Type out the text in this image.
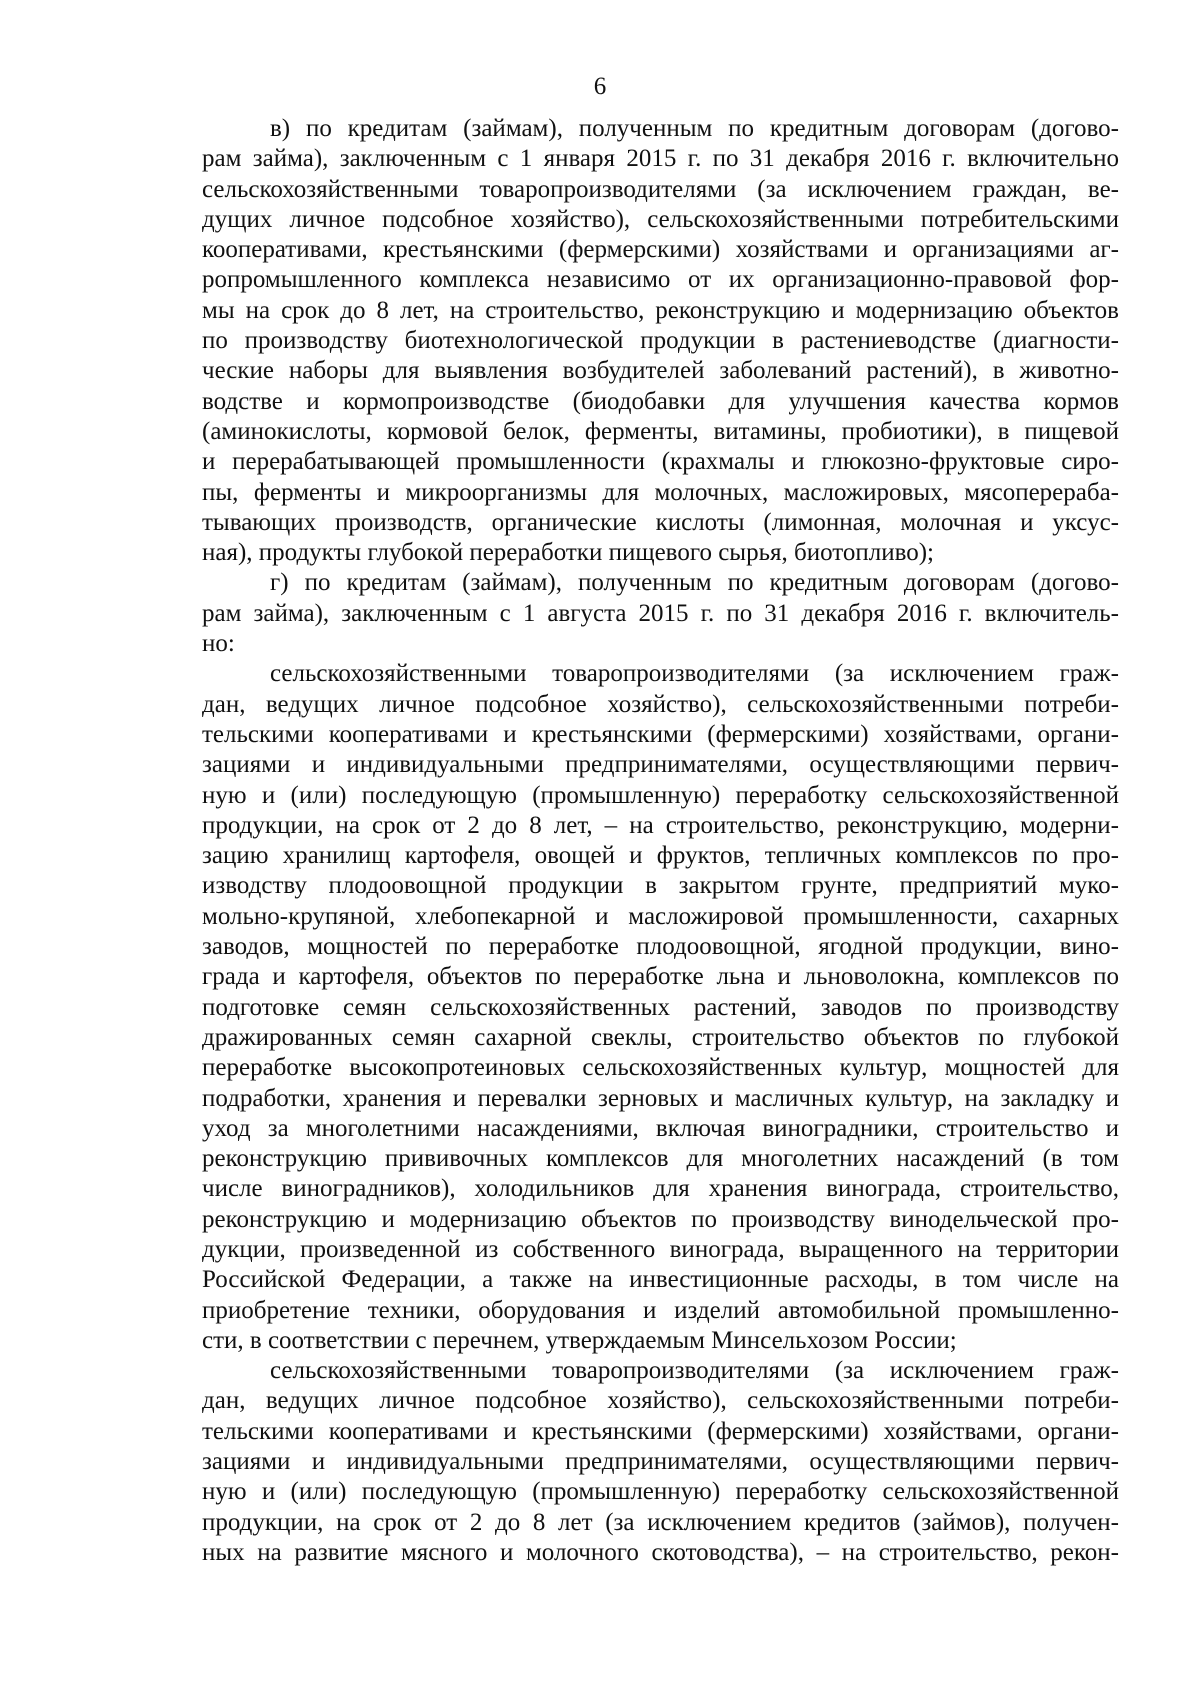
6
в) по кредитам (займам), полученным по кредитным договорам (догово-
рам займа), заключенным с 1 января 2015 г. по 31 декабря 2016 г. включительно
сельскохозяйственными товаропроизводителями (за исключением граждан, ве-
дущих личное подсобное хозяйство), сельскохозяйственными потребительскими
кооперативами, крестьянскими (фермерскими) хозяйствами и организациями аг-
ропромышленного комплекса независимо от их организационно-правовой фор-
мы на срок до 8 лет, на строительство, реконструкцию и модернизацию объектов
по производству биотехнологической продукции в растениеводстве (диагности-
ческие наборы для выявления возбудителей заболеваний растений), в животно-
водстве и кормопроизводстве (биодобавки для улучшения качества кормов
(аминокислоты, кормовой белок, ферменты, витамины, пробиотики), в пищевой
и перерабатывающей промышленности (крахмалы и глюкозно-фруктовые сиро-
пы, ферменты и микроорганизмы для молочных, масложировых, мясоперераба-
тывающих производств, органические кислоты (лимонная, молочная и уксус-
ная), продукты глубокой переработки пищевого сырья, биотопливо);
г) по кредитам (займам), полученным по кредитным договорам (догово-
рам займа), заключенным с 1 августа 2015 г. по 31 декабря 2016 г. включитель-
но:
сельскохозяйственными товаропроизводителями (за исключением граж-
дан, ведущих личное подсобное хозяйство), сельскохозяйственными потреби-
тельскими кооперативами и крестьянскими (фермерскими) хозяйствами, органи-
зациями и индивидуальными предпринимателями, осуществляющими первич-
ную и (или) последующую (промышленную) переработку сельскохозяйственной
продукции, на срок от 2 до 8 лет, – на строительство, реконструкцию, модерни-
зацию хранилищ картофеля, овощей и фруктов, тепличных комплексов по про-
изводству плодоовощной продукции в закрытом грунте, предприятий муко-
мольно-крупяной, хлебопекарной и масложировой промышленности, сахарных
заводов, мощностей по переработке плодоовощной, ягодной продукции, вино-
града и картофеля, объектов по переработке льна и льноволокна, комплексов по
подготовке семян сельскохозяйственных растений, заводов по производству
дражированных семян сахарной свеклы, строительство объектов по глубокой
переработке высокопротеиновых сельскохозяйственных культур, мощностей для
подработки, хранения и перевалки зерновых и масличных культур, на закладку и
уход за многолетними насаждениями, включая виноградники, строительство и
реконструкцию прививочных комплексов для многолетних насаждений (в том
числе виноградников), холодильников для хранения винограда, строительство,
реконструкцию и модернизацию объектов по производству винодельческой про-
дукции, произведенной из собственного винограда, выращенного на территории
Российской Федерации, а также на инвестиционные расходы, в том числе на
приобретение техники, оборудования и изделий автомобильной промышленно-
сти, в соответствии с перечнем, утверждаемым Минсельхозом России;
сельскохозяйственными товаропроизводителями (за исключением граж-
дан, ведущих личное подсобное хозяйство), сельскохозяйственными потреби-
тельскими кооперативами и крестьянскими (фермерскими) хозяйствами, органи-
зациями и индивидуальными предпринимателями, осуществляющими первич-
ную и (или) последующую (промышленную) переработку сельскохозяйственной
продукции, на срок от 2 до 8 лет (за исключением кредитов (займов), получен-
ных на развитие мясного и молочного скотоводства), – на строительство, рекон-
